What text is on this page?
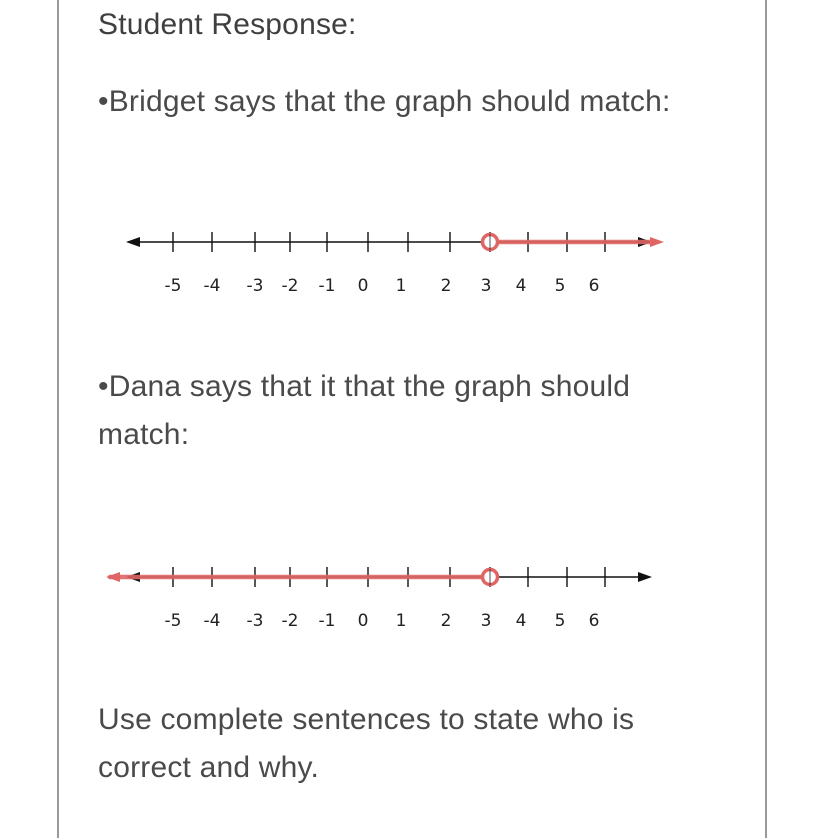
Student Response:

•Bridget says that the graph should match:

-5 -4 -3 -2 -1 0 1 2 3 4 5 6

•Dana says that it that the graph should match:

-5 -4 -3 -2 -1 0 1 2 3 4 5 6

Use complete sentences to state who is correct and why.
